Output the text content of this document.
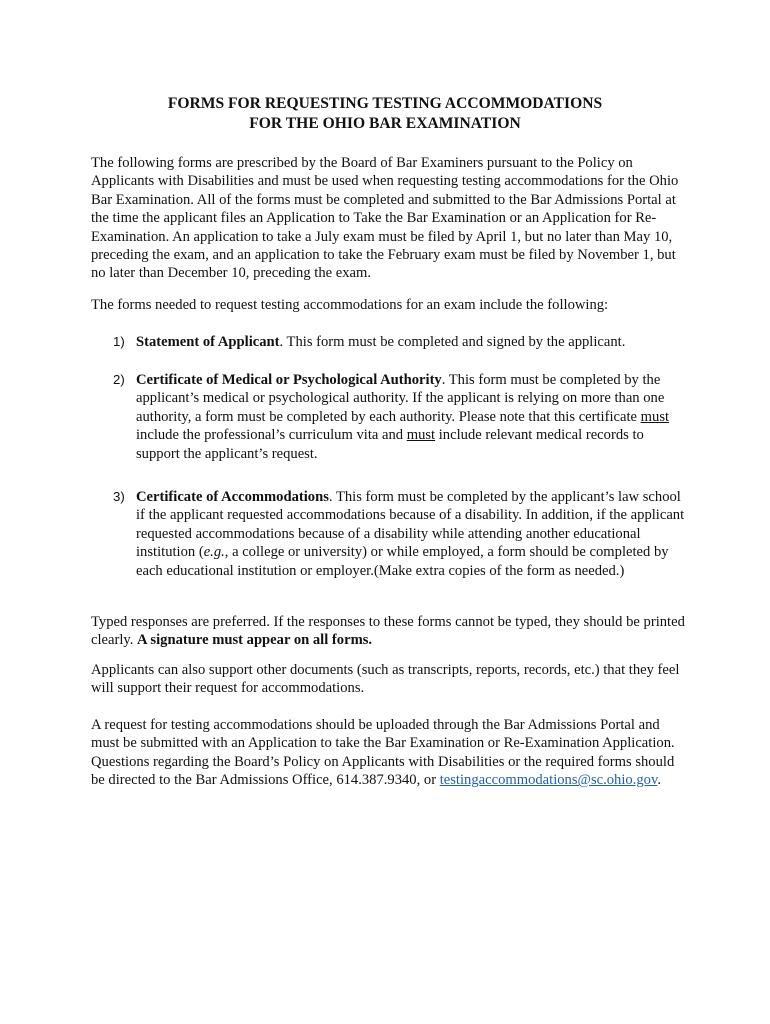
FORMS FOR REQUESTING TESTING ACCOMMODATIONS
FOR THE OHIO BAR EXAMINATION
The following forms are prescribed by the Board of Bar Examiners pursuant to the Policy on Applicants with Disabilities and must be used when requesting testing accommodations for the Ohio Bar Examination. All of the forms must be completed and submitted to the Bar Admissions Portal at the time the applicant files an Application to Take the Bar Examination or an Application for Re-Examination. An application to take a July exam must be filed by April 1, but no later than May 10, preceding the exam, and an application to take the February exam must be filed by November 1, but no later than December 10, preceding the exam.
The forms needed to request testing accommodations for an exam include the following:
1) Statement of Applicant. This form must be completed and signed by the applicant.
2) Certificate of Medical or Psychological Authority. This form must be completed by the applicant’s medical or psychological authority. If the applicant is relying on more than one authority, a form must be completed by each authority. Please note that this certificate must include the professional’s curriculum vita and must include relevant medical records to support the applicant’s request.
3) Certificate of Accommodations. This form must be completed by the applicant’s law school if the applicant requested accommodations because of a disability. In addition, if the applicant requested accommodations because of a disability while attending another educational institution (e.g., a college or university) or while employed, a form should be completed by each educational institution or employer.(Make extra copies of the form as needed.)
Typed responses are preferred. If the responses to these forms cannot be typed, they should be printed clearly. A signature must appear on all forms.
Applicants can also support other documents (such as transcripts, reports, records, etc.) that they feel will support their request for accommodations.
A request for testing accommodations should be uploaded through the Bar Admissions Portal and must be submitted with an Application to take the Bar Examination or Re-Examination Application. Questions regarding the Board’s Policy on Applicants with Disabilities or the required forms should be directed to the Bar Admissions Office, 614.387.9340, or testingaccommodations@sc.ohio.gov.
